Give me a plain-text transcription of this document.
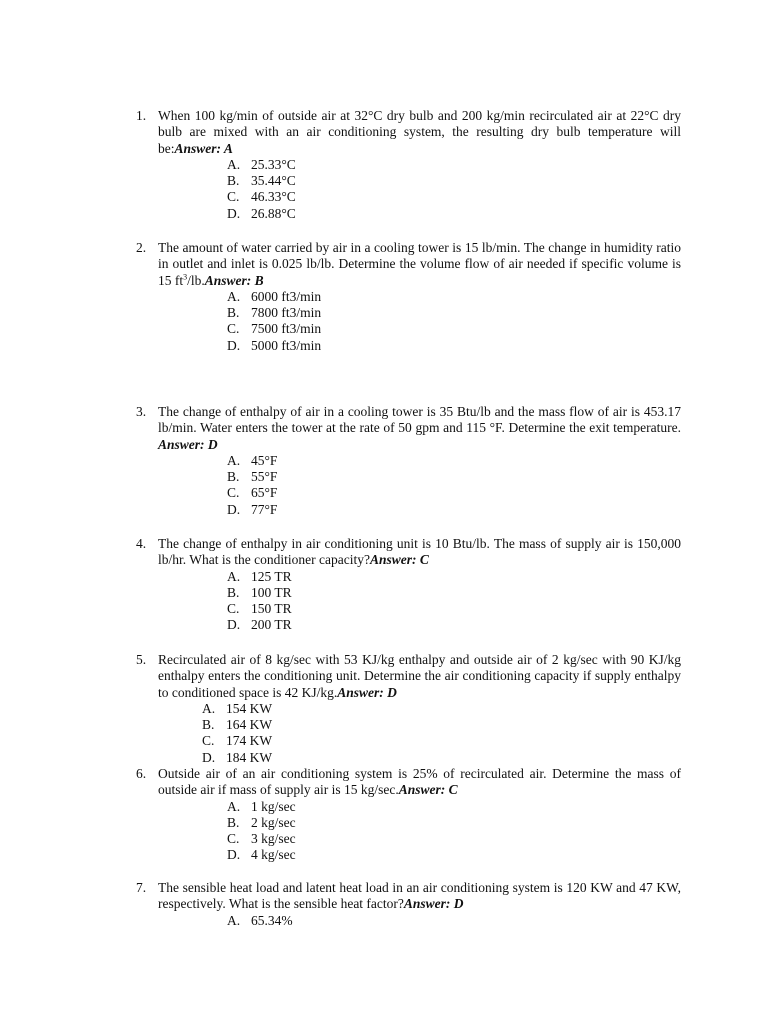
1. When 100 kg/min of outside air at 32°C dry bulb and 200 kg/min recirculated air at 22°C dry bulb are mixed with an air conditioning system, the resulting dry bulb temperature will be:Answer: A
A. 25.33°C
B. 35.44°C
C. 46.33°C
D. 26.88°C
2. The amount of water carried by air in a cooling tower is 15 lb/min. The change in humidity ratio in outlet and inlet is 0.025 lb/lb. Determine the volume flow of air needed if specific volume is 15 $ft^3/lb.Answer$: B
A. 6000 ft3/min
B. 7800 ft3/min
C. 7500 ft3/min
D. 5000 ft3/min
3. The change of enthalpy of air in a cooling tower is 35 Btu/lb and the mass flow of air is 453.17 lb/min. Water enters the tower at the rate of 50 gpm and 115 °F. Determine the exit temperature. Answer: D
A. 45°F
B. 55°F
C. 65°F
D. 77°F
4. The change of enthalpy in air conditioning unit is 10 Btu/lb. The mass of supply air is 150,000 lb/hr. What is the conditioner capacity?Answer: C
A. 125 TR
B. 100 TR
C. 150 TR
D. 200 TR
5. Recirculated air of 8 kg/sec with 53 KJ/kg enthalpy and outside air of 2 kg/sec with 90 KJ/kg enthalpy enters the conditioning unit. Determine the air conditioning capacity if supply enthalpy to conditioned space is 42 KJ/kg.Answer: D
A. 154 KW
B. 164 KW
C. 174 KW
D. 184 KW
6. Outside air of an air conditioning system is 25% of recirculated air. Determine the mass of outside air if mass of supply air is 15 kg/sec.Answer: C
A. 1 kg/sec
B. 2 kg/sec
C. 3 kg/sec
D. 4 kg/sec
7. The sensible heat load and latent heat load in an air conditioning system is 120 KW and 47 KW, respectively. What is the sensible heat factor?Answer: D
A. 65.34%
